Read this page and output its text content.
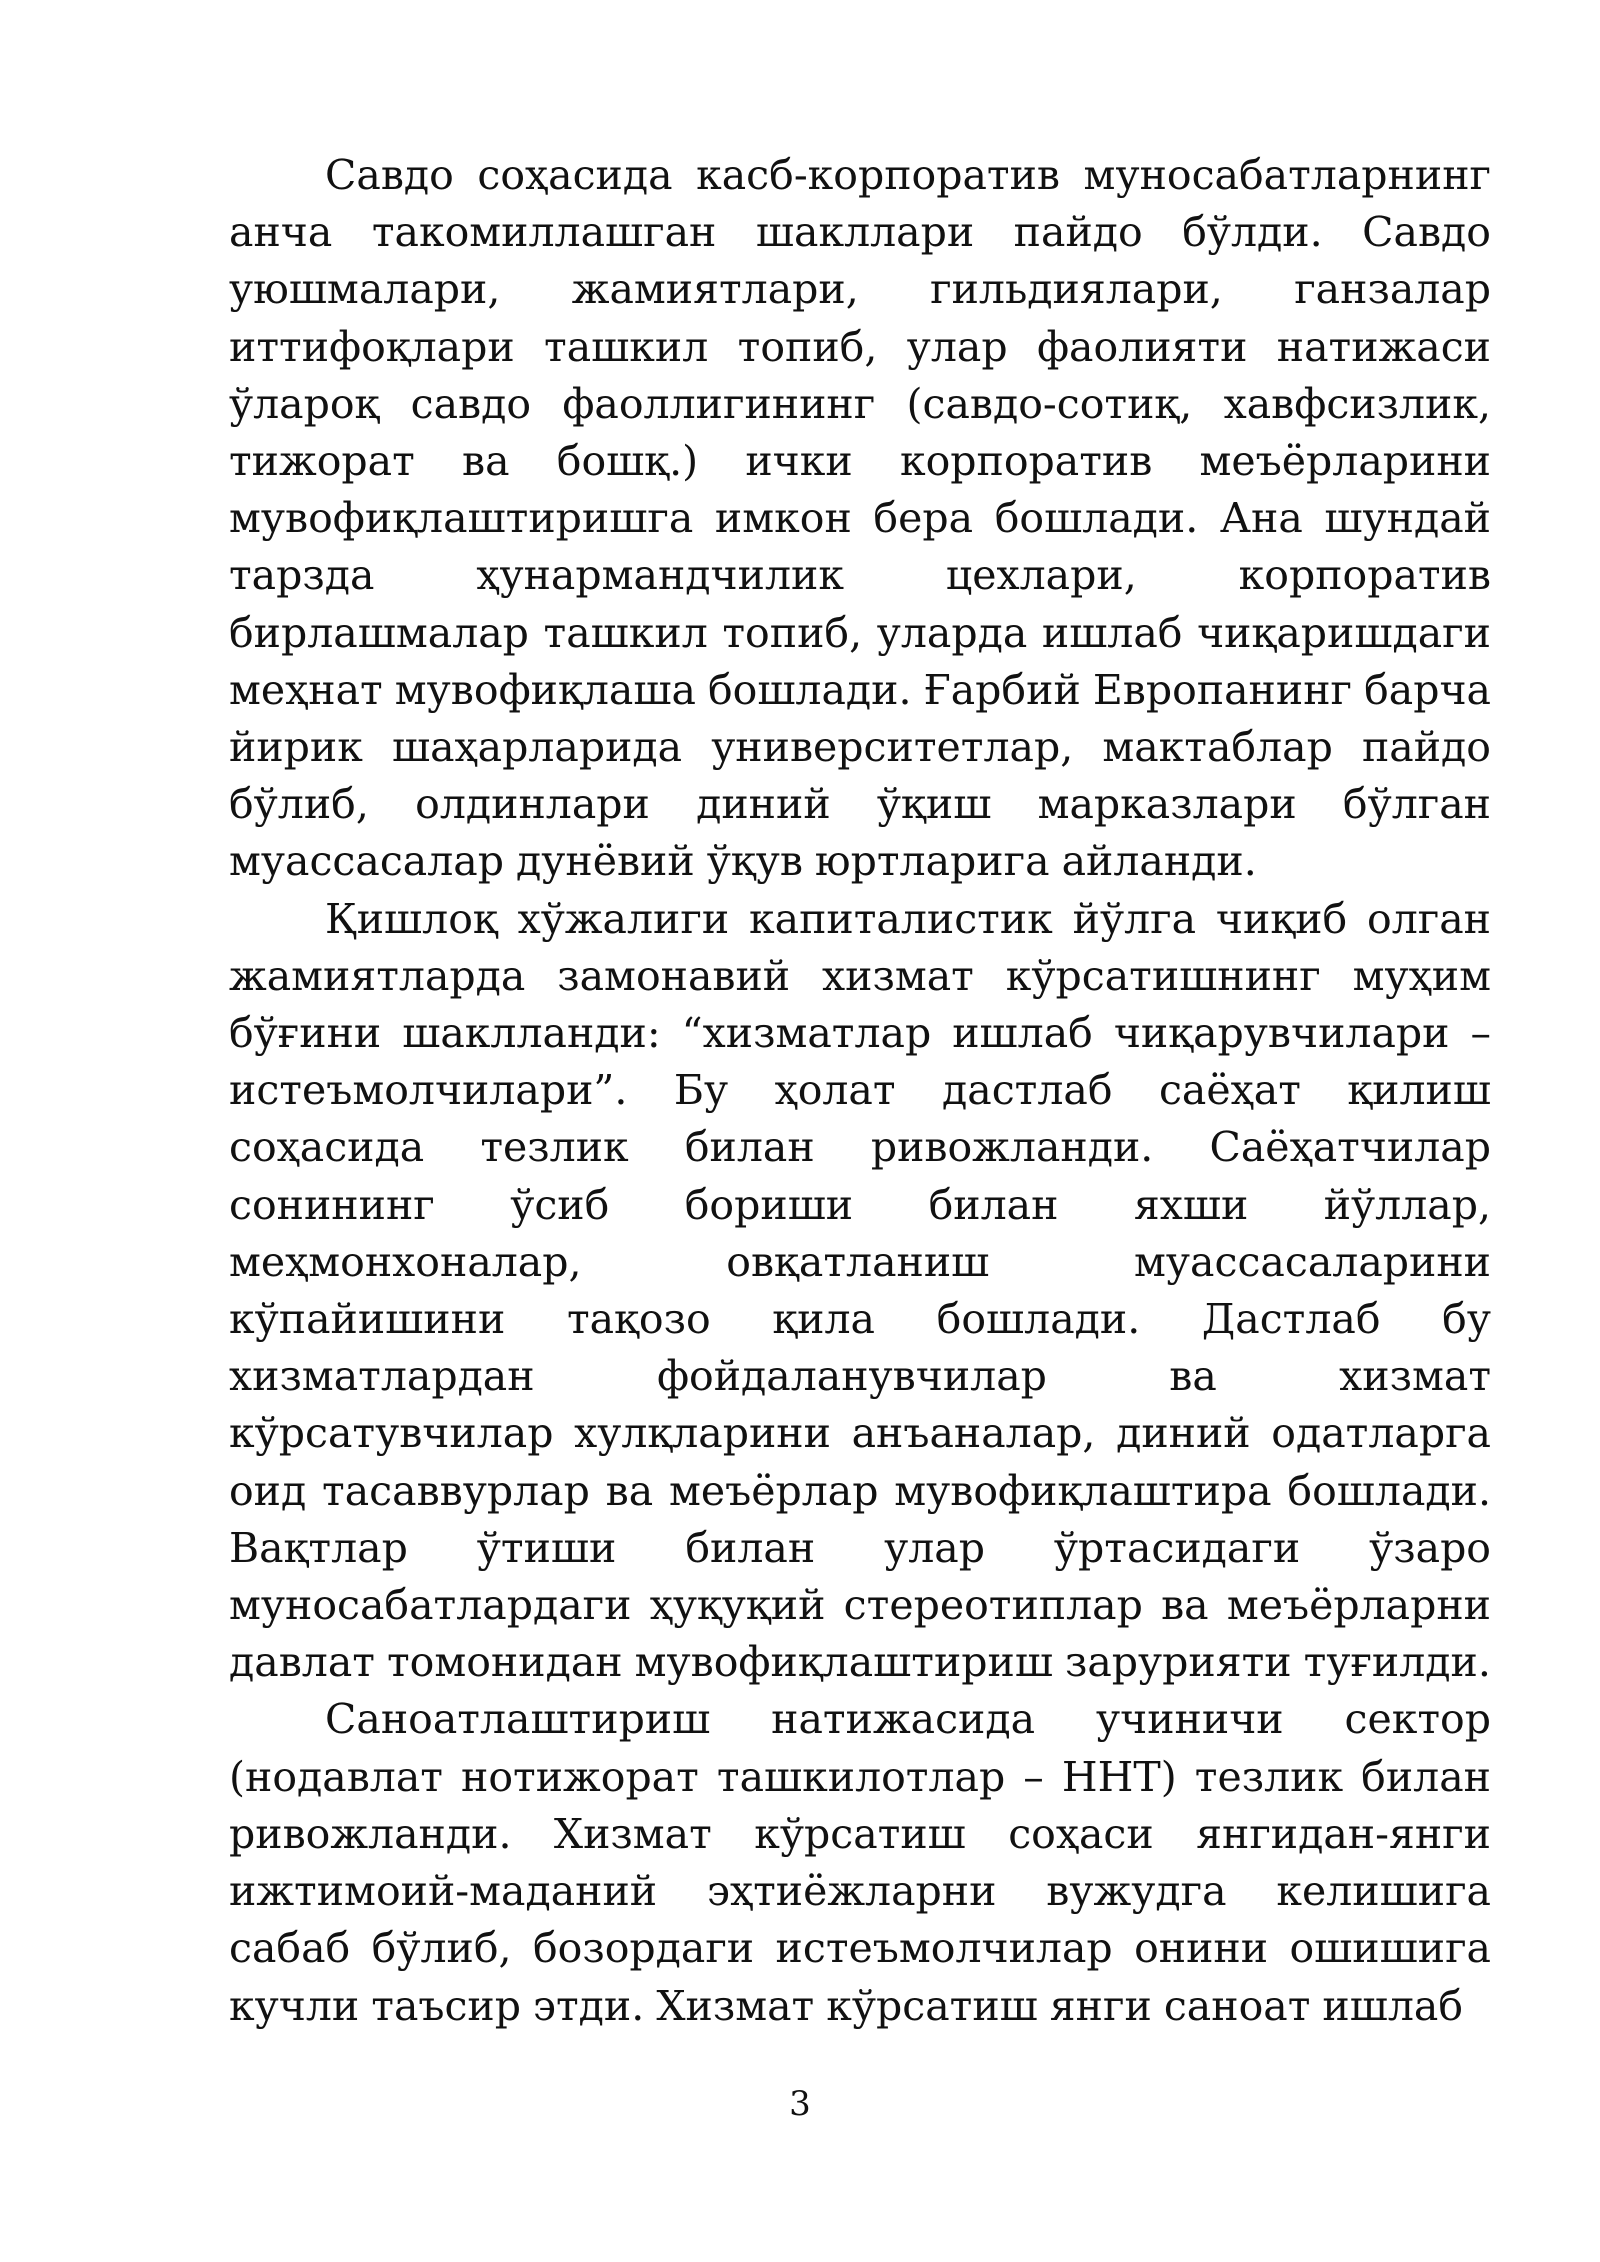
Савдо соҳасида касб-корпоратив муносабатларнинг анча такомиллашган шакллари пайдо бўлди. Савдо уюшмалари, жамиятлари, гильдиялари, ганзалар иттифоқлари ташкил топиб, улар фаолияти натижаси ўлароқ савдо фаоллигининг (савдо-сотиқ, хавфсизлик, тижорат ва бошқ.) ички корпоратив меъёрларини мувофиқлаштиришга имкон бера бошлади. Ана шундай тарзда ҳунармандчилик цехлари, корпоратив бирлашмалар ташкил топиб, уларда ишлаб чиқаришдаги меҳнат мувофиқлаша бошлади. Ғарбий Европанинг барча йирик шаҳарларида университетлар, мактаблар пайдо бўлиб, олдинлари диний ўқиш марказлари бўлган муассасалар дунёвий ўқув юртларига айланди.

Қишлоқ хўжалиги капиталистик йўлга чиқиб олган жамиятларда замонавий хизмат кўрсатишнинг муҳим бўғини шаклланди: “хизматлар ишлаб чиқарувчилари – истеъмолчилари”. Бу ҳолат дастлаб саёҳат қилиш соҳасида тезлик билан ривожланди. Саёҳатчилар сонининг ўсиб бориши билан яхши йўллар, меҳмонхоналар, овқатланиш муассасаларини кўпайишини тақозо қила бошлади. Дастлаб бу хизматлардан фойдаланувчилар ва хизмат кўрсатувчилар хулқларини анъаналар, диний одатларга оид тасаввурлар ва меъёрлар мувофиқлаштира бошлади. Вақтлар ўтиши билан улар ўртасидаги ўзаро муносабатлардаги ҳуқуқий стереотиплар ва меъёрларни давлат томонидан мувофиқлаштириш зарурияти туғилди.

Саноатлаштириш натижасида учиничи сектор (нодавлат нотижорат ташкилотлар – ННТ) тезлик билан ривожланди. Хизмат кўрсатиш соҳаси янгидан-янги ижтимоий-маданий эҳтиёжларни вужудга келишига сабаб бўлиб, бозордаги истеъмолчилар онини ошишига кучли таъсир этди. Хизмат кўрсатиш янги саноат ишлаб

3
